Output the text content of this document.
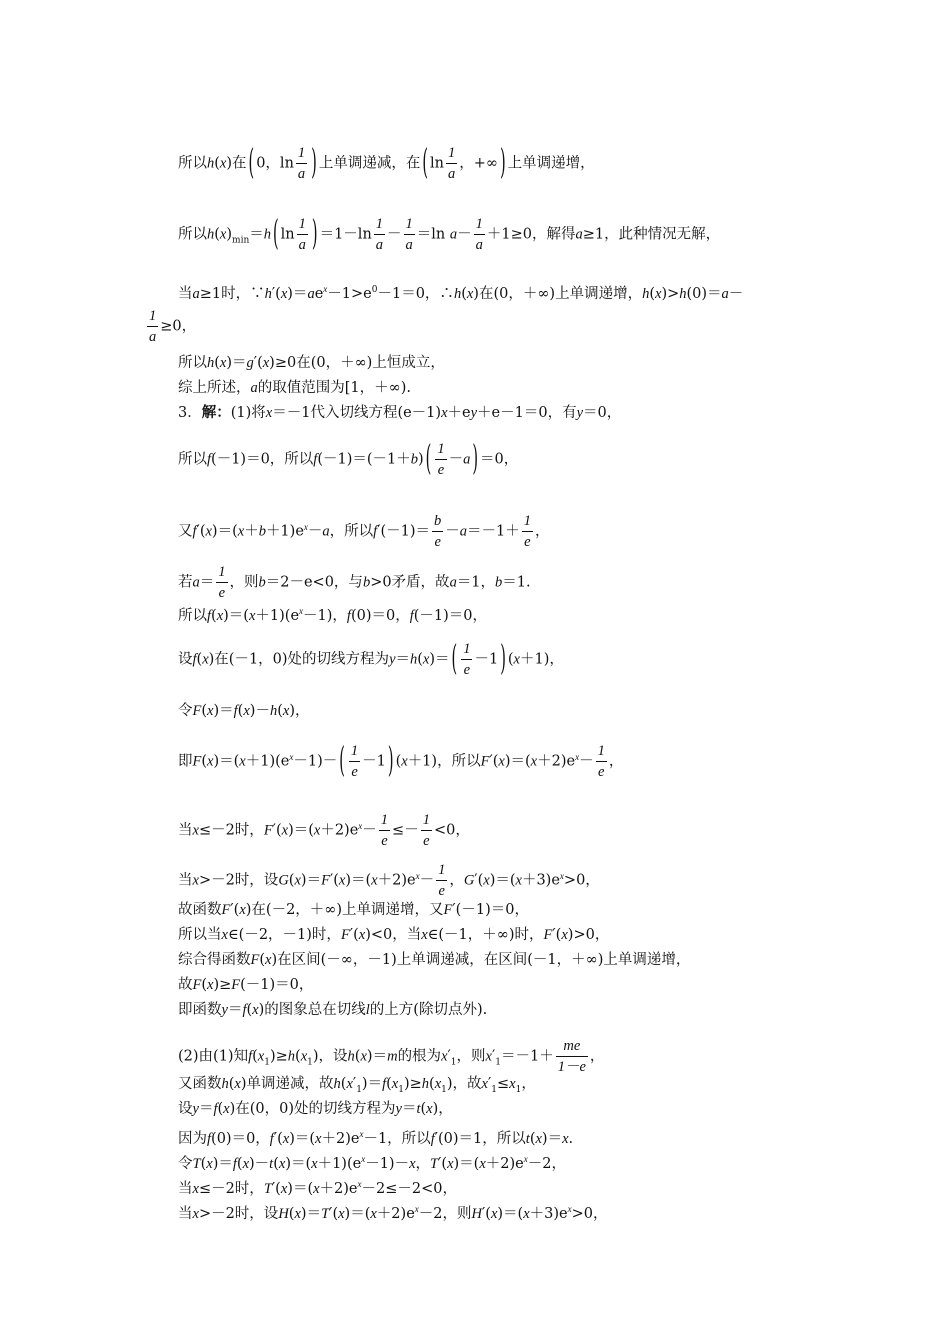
所以h(x)在 ( 0，$\ln \frac{1}{a}$ ) 上单调递减，在 ( $\ln \frac{1}{a}$ ，+∞ ) 上单调递增，
所以$h(x)_{min}=h$ ( $\ln \frac{1}{a}$ ) $=1-\ln \frac{1}{a} - \frac{1}{a} =\ln$ $a- \frac{1}{a} +1\ge 0$，解得a≥1，此种情况无解，
当a≥1时，$\because h'(x)=ae^x-1>e^0-1=0$，∴h(x)在(0，＋∞)上单调递增，h(x)>h(0)＝a－
$\frac{1}{a} \ge 0$，
所以h(x)＝g′(x)≥0在(0，＋∞)上恒成立，
综上所述，a的取值范围为[1，＋∞).
3．解：(1)将x＝－1代入切线方程(e－1)x＋ey＋e－1＝0，有y＝0，
所以f(－1)＝0，所以f(－1)＝(－1＋b) ( $\frac{1}{e} -a$ ) ＝0，
又$f'(x)=(x+b+1)e^x-a$，所以$f'(-1)= \frac{b}{e} -a=-1+ \frac{1}{e}$ ，
若$a= \frac{1}{e}$ ，则b＝2－e<0，与b>0矛盾，故a＝1，b＝1.
所以$f(x)=(x+1)(e^x-1)$，f(0)＝0，f(－1)＝0，
设f(x)在(－1，0)处的切线方程为y＝h(x)＝ ( $\frac{1}{e} -1$ ) (x＋1)，
令F(x)＝f(x)－h(x)，
即$F(x)=(x+1)(e^x-1)-$ ( $\frac{1}{e} -1$ ) (x＋1)，所以$F'(x)=(x+2)e^x- \frac{1}{e}$ ，
当x≤－2时，$F'(x)=(x+2)e^x- \frac{1}{e} \le- \frac{1}{e} <0$，
当x>－2时，设$G(x)=F'(x)=(x+2)e^x- \frac{1}{e}$ ，$G'(x)=(x+3)e^x>0$，
故函数F′(x)在(－2，＋∞)上单调递增，又F′(－1)＝0，
所以当x∈(－2，－1)时，F′(x)<0，当x∈(－1，＋∞)时，F′(x)>0，
综合得函数F(x)在区间(－∞，－1)上单调递减，在区间(－1，＋∞)上单调递增，
故F(x)≥F(－1)＝0，
即函数y＝f(x)的图象总在切线l的上方(除切点外).
(2)由(1)知$f(x_1)\ge h(x_1)$，设h(x)＝m的根为$x'_1$，则$x'_1=-1+ \frac{me}{1-e}$ ，
又函数h(x)单调递减，故$h(x'_1)=f(x_1)\ge h(x_1)$，故$x'_1\le x_1$，
设y＝f(x)在(0，0)处的切线方程为y＝t(x)，
因为f(0)＝0，$f'(x)=(x+2)e^x-1$，所以f′(0)＝1，所以t(x)＝x.
令$T(x)=f(x)-t(x)=(x+1)(e^x-1)-x$，$T'(x)=(x+2)e^x-2$，
当x≤－2时，$T'(x)=(x+2)e^x-2\le-2<0$，
当x>－2时，设$H(x)=T'(x)=(x+2)e^x-2$，则$H'(x)=(x+3)e^x>0$，
